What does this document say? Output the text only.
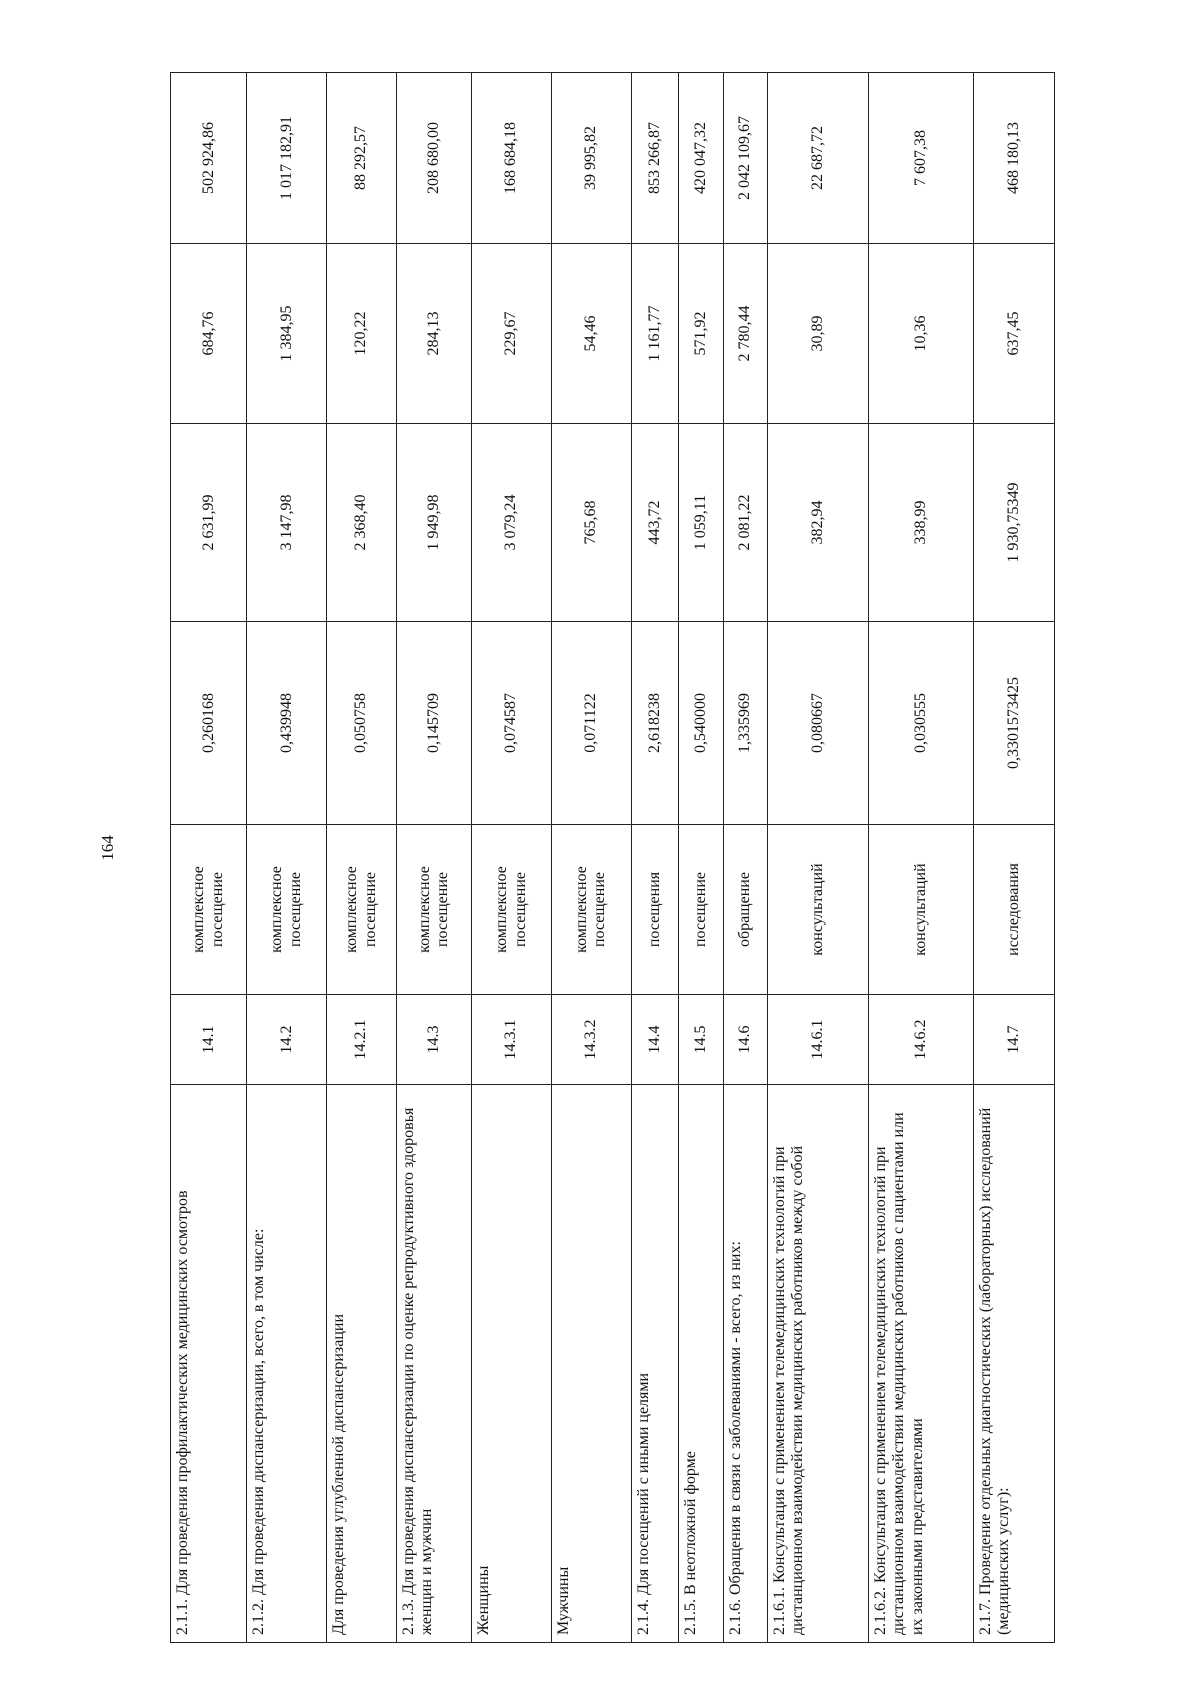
164
2.1.1. Для проведения профилактических медицинских осмотров	14.1	комплексное посещение	0,260168	2 631,99	684,76	502 924,86
2.1.2. Для проведения диспансеризации, всего, в том числе:	14.2	комплексное посещение	0,439948	3 147,98	1 384,95	1 017 182,91
Для проведения углубленной диспансеризации	14.2.1	комплексное посещение	0,050758	2 368,40	120,22	88 292,57
2.1.3. Для проведения диспансеризации по оценке репродуктивного здоровья женщин и мужчин	14.3	комплексное посещение	0,145709	1 949,98	284,13	208 680,00
Женщины	14.3.1	комплексное посещение	0,074587	3 079,24	229,67	168 684,18
Мужчины	14.3.2	комплексное посещение	0,071122	765,68	54,46	39 995,82
2.1.4. Для посещений с иными целями	14.4	посещения	2,618238	443,72	1 161,77	853 266,87
2.1.5. В неотложной форме	14.5	посещение	0,540000	1 059,11	571,92	420 047,32
2.1.6. Обращения в связи с заболеваниями - всего, из них:	14.6	обращение	1,335969	2 081,22	2 780,44	2 042 109,67
2.1.6.1. Консультация с применением телемедицинских технологий при дистанционном взаимодействии медицинских работников между собой	14.6.1	консультаций	0,080667	382,94	30,89	22 687,72
2.1.6.2. Консультация с применением телемедицинских технологий при дистанционном взаимодействии медицинских работников с пациентами или их законными представителями	14.6.2	консультаций	0,030555	338,99	10,36	7 607,38
2.1.7. Проведение отдельных диагностических (лабораторных) исследований (медицинских услуг):	14.7	исследования	0,3301573425	1 930,75349	637,45	468 180,13
